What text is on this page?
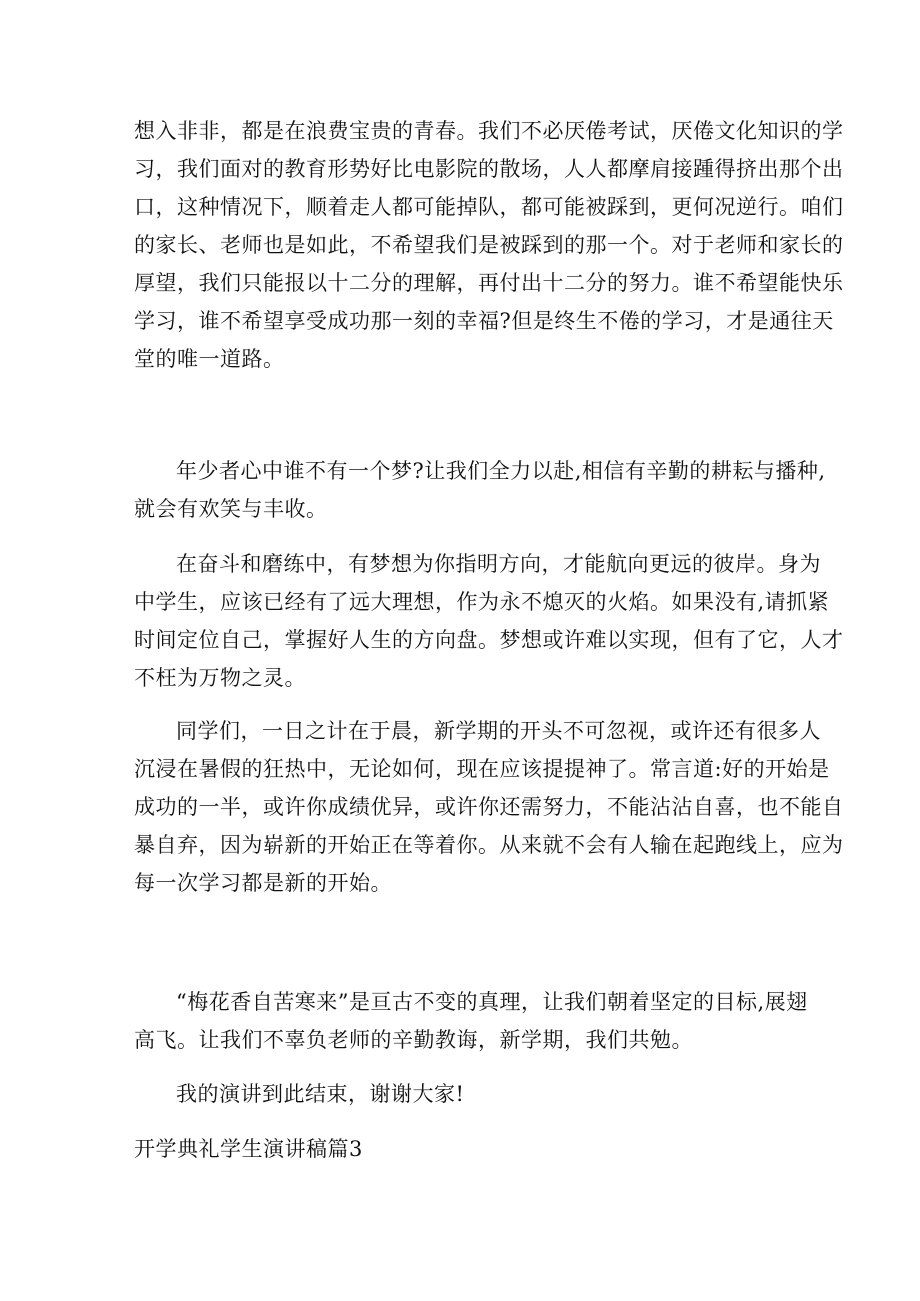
想入非非，都是在浪费宝贵的青春。我们不必厌倦考试，厌倦文化知识的学
习，我们面对的教育形势好比电影院的散场，人人都摩肩接踵得挤出那个出
口，这种情况下，顺着走人都可能掉队，都可能被踩到，更何况逆行。咱们
的家长、老师也是如此，不希望我们是被踩到的那一个。对于老师和家长的
厚望，我们只能报以十二分的理解，再付出十二分的努力。谁不希望能快乐
学习，谁不希望享受成功那一刻的幸福?但是终生不倦的学习，才是通往天
堂的唯一道路。

年少者心中谁不有一个梦?让我们全力以赴,相信有辛勤的耕耘与播种,
就会有欢笑与丰收。

在奋斗和磨练中，有梦想为你指明方向，才能航向更远的彼岸。身为
中学生，应该已经有了远大理想，作为永不熄灭的火焰。如果没有,请抓紧
时间定位自己，掌握好人生的方向盘。梦想或许难以实现，但有了它，人才
不枉为万物之灵。

同学们，一日之计在于晨，新学期的开头不可忽视，或许还有很多人
沉浸在暑假的狂热中，无论如何，现在应该提提神了。常言道:好的开始是
成功的一半，或许你成绩优异，或许你还需努力，不能沾沾自喜，也不能自
暴自弃，因为崭新的开始正在等着你。从来就不会有人输在起跑线上，应为
每一次学习都是新的开始。

“梅花香自苦寒来”是亘古不变的真理，让我们朝着坚定的目标,展翅
高飞。让我们不辜负老师的辛勤教诲，新学期，我们共勉。

我的演讲到此结束，谢谢大家!

开学典礼学生演讲稿篇3
